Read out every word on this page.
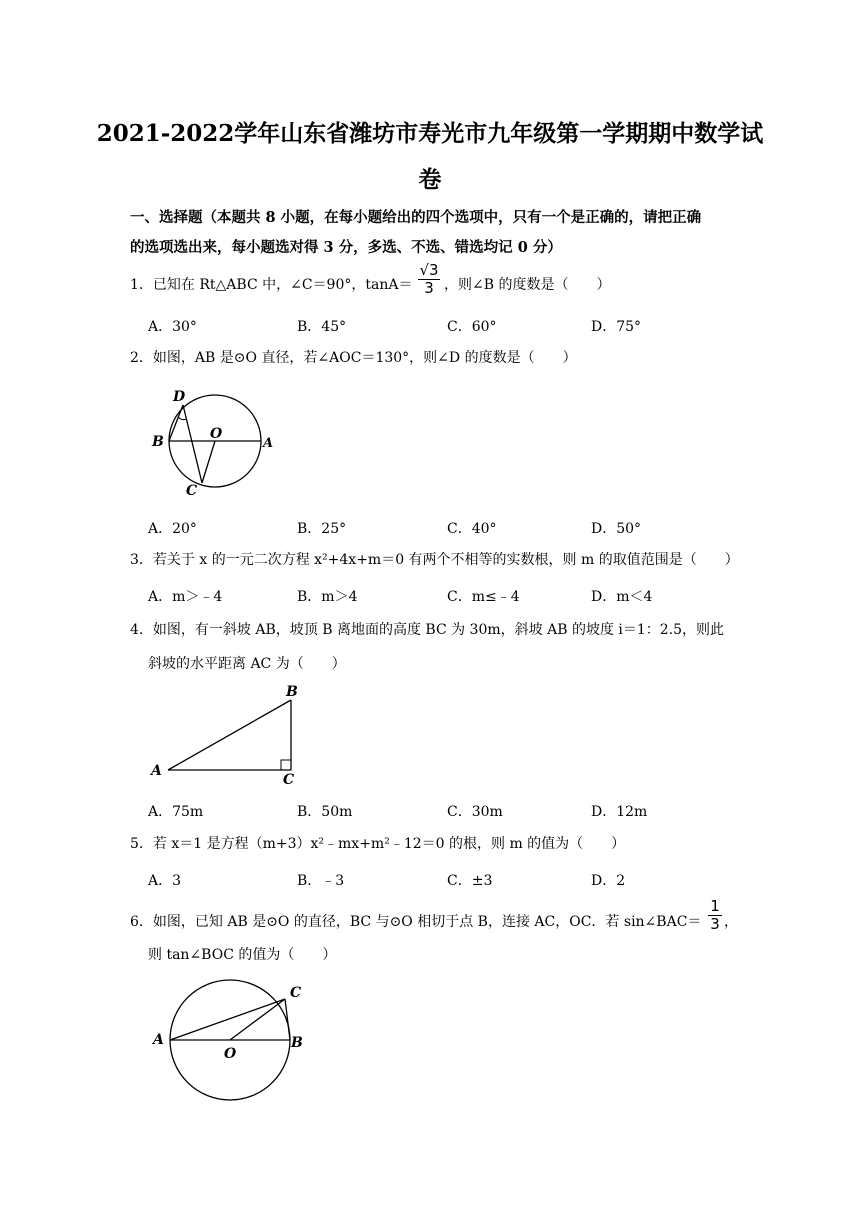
2021-2022学年山东省潍坊市寿光市九年级第一学期期中数学试
卷
一、选择题（本题共 8 小题，在每小题给出的四个选项中，只有一个是正确的，请把正确
的选项选出来，每小题选对得 3 分，多选、不选、错选均记 0 分）
1．已知在 Rt△ABC 中，∠C＝90°，$\tan A= \frac{√3}{3}$ ，则∠B 的度数是（　　）
A．30°	B．45°	C．60°	D．75°
2．如图，AB 是⊙O 直径，若∠AOC＝130°，则∠D 的度数是（　　）
D
B	O
A
C
A．20°	B．25°	C．40°	D．50°
3．若关于 x 的一元二次方程 x²+4x+m＝0 有两个不相等的实数根，则 m 的取值范围是（　　）
A．m＞﹣4	B．m＞4	C．m≤﹣4	D．m＜4
4．如图，有一斜坡 AB，坡顶 B 离地面的高度 BC 为 30m，斜坡 AB 的坡度 i＝1：2.5，则此
斜坡的水平距离 AC 为（　　）
B
A
C
A．75m	B．50m	C．30m	D．12m
5．若 x＝1 是方程（m+3）x²﹣mx+m²﹣12＝0 的根，则 m 的值为（　　）
A．3	B．﹣3	C．±3	D．2
6．如图，已知 AB 是⊙O 的直径，BC 与⊙O 相切于点 B，连接 AC，OC．若 sin∠BAC＝ $\frac{1}{3}$ ，
则 tan∠BOC 的值为（　　）
A
O
B
C
